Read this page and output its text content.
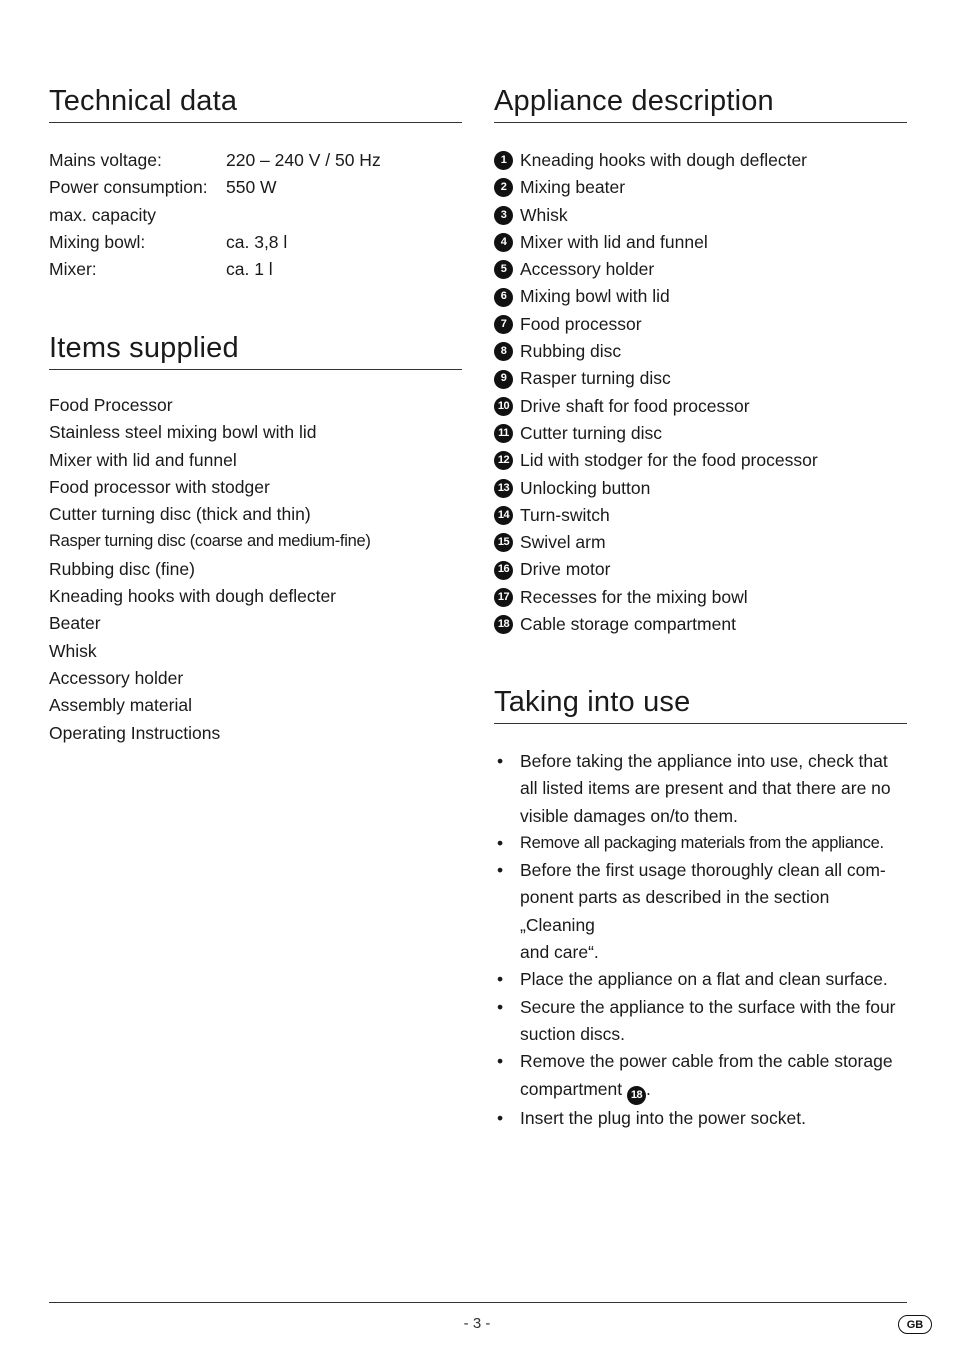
Technical data
Mains voltage:	220 – 240 V / 50 Hz
Power consumption:	550 W
max. capacity
Mixing bowl:	ca. 3,8 l
Mixer:	ca. 1 l
Items supplied
Food Processor
Stainless steel mixing bowl with lid
Mixer with lid and funnel
Food processor with stodger
Cutter turning disc (thick and thin)
Rasper turning disc (coarse and medium-fine)
Rubbing disc (fine)
Kneading hooks with dough deflecter
Beater
Whisk
Accessory holder
Assembly material
Operating Instructions
Appliance description
1 Kneading hooks with dough deflecter
2 Mixing beater
3 Whisk
4 Mixer with lid and funnel
5 Accessory holder
6 Mixing bowl with lid
7 Food processor
8 Rubbing disc
9 Rasper turning disc
10 Drive shaft for food processor
11 Cutter turning disc
12 Lid with stodger for the food processor
13 Unlocking button
14 Turn-switch
15 Swivel arm
16 Drive motor
17 Recesses for the mixing bowl
18 Cable storage compartment
Taking into use
• Before taking the appliance into use, check that
all listed items are present and that there are no
visible damages on/to them.
• Remove all packaging materials from the appliance.
• Before the first usage thoroughly clean all com-
ponent parts as described in the section „Cleaning
and care“.
• Place the appliance on a flat and clean surface.
• Secure the appliance to the surface with the four
suction discs.
• Remove the power cable from the cable storage
compartment 18 .
• Insert the plug into the power socket.
- 3 -	GB
